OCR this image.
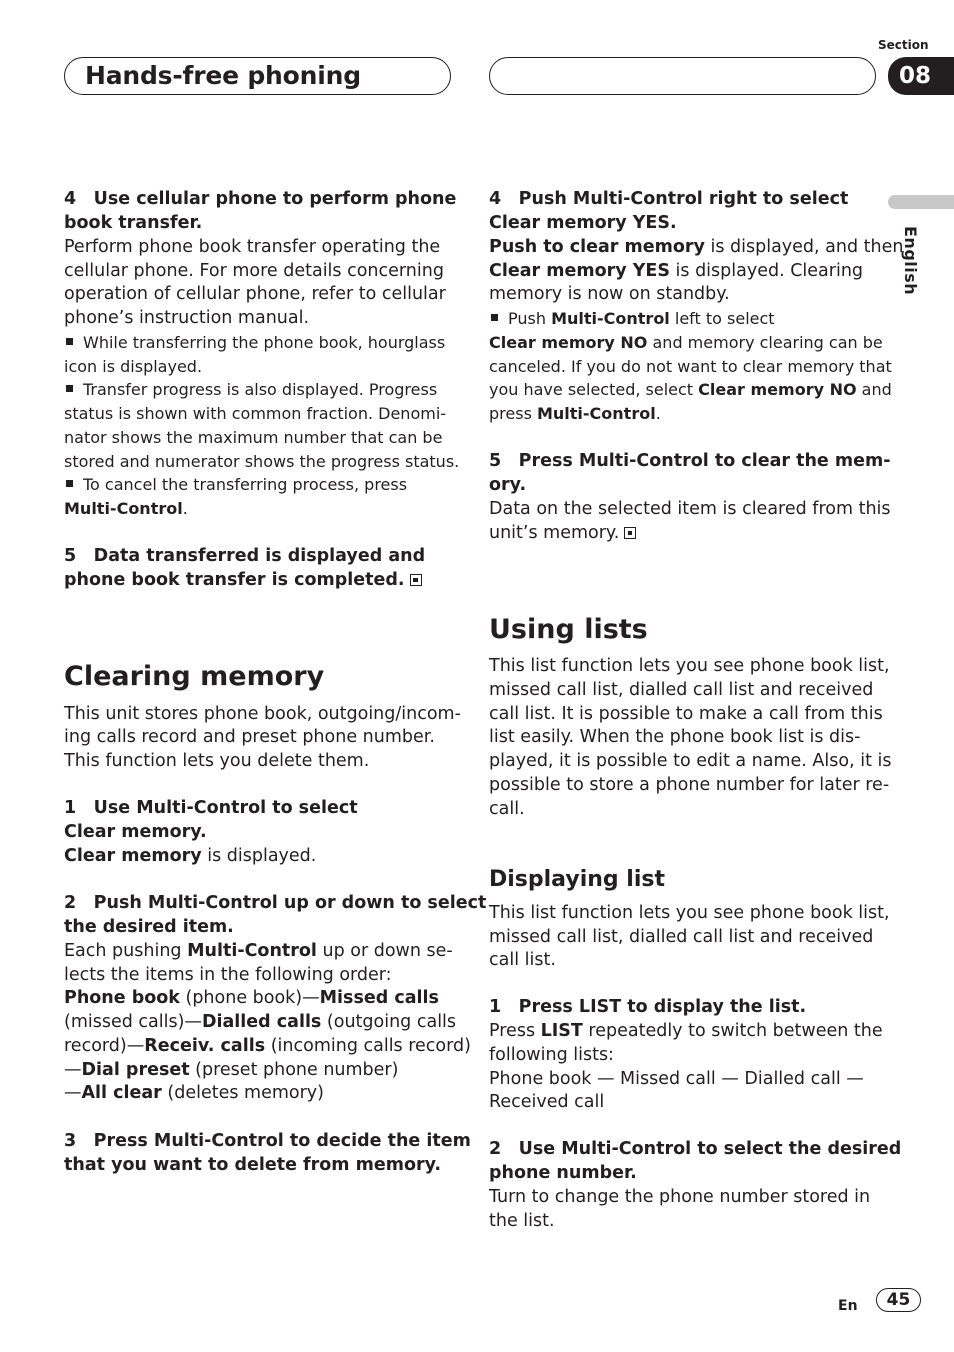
Hands-free phoning
Section
08
English
4 Use cellular phone to perform phone
book transfer.
Perform phone book transfer operating the
cellular phone. For more details concerning
operation of cellular phone, refer to cellular
phone’s instruction manual.
While transferring the phone book, hourglass
icon is displayed.
Transfer progress is also displayed. Progress
status is shown with common fraction. Denomi-
nator shows the maximum number that can be
stored and numerator shows the progress status.
To cancel the transferring process, press
Multi-Control.
5 Data transferred is displayed and
phone book transfer is completed.
Clearing memory
This unit stores phone book, outgoing/incom-
ing calls record and preset phone number.
This function lets you delete them.
1 Use Multi-Control to select
Clear memory.
Clear memory is displayed.
2 Push Multi-Control up or down to select
the desired item.
Each pushing Multi-Control up or down se-
lects the items in the following order:
Phone book (phone book)—Missed calls
(missed calls)—Dialled calls (outgoing calls
record)—Receiv. calls (incoming calls record)
—Dial preset (preset phone number)
—All clear (deletes memory)
3 Press Multi-Control to decide the item
that you want to delete from memory.
4 Push Multi-Control right to select
Clear memory YES.
Push to clear memory is displayed, and then
Clear memory YES is displayed. Clearing
memory is now on standby.
Push Multi-Control left to select
Clear memory NO and memory clearing can be
canceled. If you do not want to clear memory that
you have selected, select Clear memory NO and
press Multi-Control.
5 Press Multi-Control to clear the mem-
ory.
Data on the selected item is cleared from this
unit’s memory.
Using lists
This list function lets you see phone book list,
missed call list, dialled call list and received
call list. It is possible to make a call from this
list easily. When the phone book list is dis-
played, it is possible to edit a name. Also, it is
possible to store a phone number for later re-
call.
Displaying list
This list function lets you see phone book list,
missed call list, dialled call list and received
call list.
1 Press LIST to display the list.
Press LIST repeatedly to switch between the
following lists:
Phone book — Missed call — Dialled call —
Received call
2 Use Multi-Control to select the desired
phone number.
Turn to change the phone number stored in
the list.
En	45
